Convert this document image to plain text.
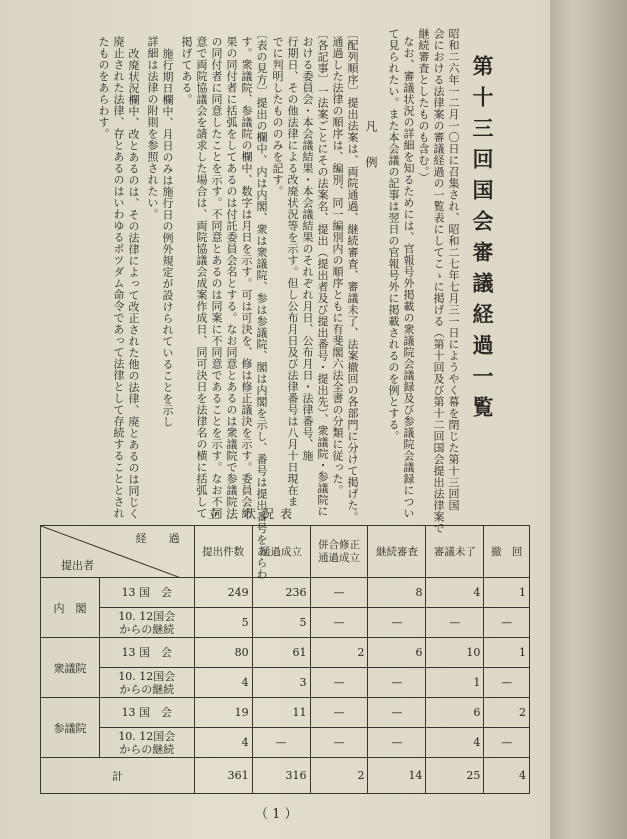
第十三回国会審議経過一覧
昭和二六年一二月一〇日に召集され、昭和二七年七月三一日にようやく幕を閉じた第十三回国
会における法律案の審議経過の一覧表にしてこゝに掲げる（第十回及び第十二回国会提出法律案で
継続審査としたものも含む。）
なお、審議状況の詳細を知るためには、官報号外掲載の衆議院会議録及び参議院会議録につい
て見られたい。また本会議の記事は翌日の官報号外に掲載されるのを例とする。
凡　例
〔配列順序〕提出法案は、両院通過、継続審査、審議未了、法案撤回の各部門に分けて掲げた。
通過した法律の順序は、編別、同一編別内の順序ともに有斐閣六法全書の分類に従った。
〔各記事〕一法案ごとにその法案名、提出（提出者及び提出番号・提出先）、衆議院・参議院に
おける委員会・本会議結果・本会議結果のそれぞれ月日、公布月日・法律番号、施
行期日、その他法律による改廃状況等を示す。但し公布月日及び法律番号は八月十日現在ま
でに判明したもののみを記す。
〔表の見方〕提出の欄中、内は内閣、衆は衆議院、参は参議院、閣は内閣を示し、番号は提出番号をあらわ
す。衆議院、参議院の欄中、数字は月日を示す。可は可決を、修は修正議決を示す。委員会結
果の同付者に括弧をしてあるのは付託委員会名とする。なお同意とあるのは衆議院で参議院
の同付者に同意したことを示す。不同意とあるのは同案に不同意であることを示す。なお不同
意で両院協議会を請求した場合は、両院協議会成案作成日、同可決日を法律名の横に括弧して
掲げてある。
施行期日欄中、月日のみは施行日の例外規定が設けられていることを示し
詳細は法律の附則を参照されたい。
改廃状況欄中、改とあるのは、その法律によって改正された他の法律、廃とあるのは同じく
廃止された法律、存とあるのはいわゆるポツダム命令であって法律として存続することとされ
たものをあらわす。
立法状況表
経　　過
提出者		提出件数	通過成立	併合修正
通過成立	継続審査	審議未了	撤　回
内　閣	13 国　会	249	236	—	8	4	1
	10. 12国会
からの継続	5	5	—	—	—	—
衆議院	13 国　会	80	61	2	6	10	1
	10. 12国会
からの継続	4	3	—	—	1	—
参議院	13 国　会	19	11	—	—	6	2
	10. 12国会
からの継続	4	—	—	—	4	—
計		361	316	2	14	25	4
（ 1 ）
